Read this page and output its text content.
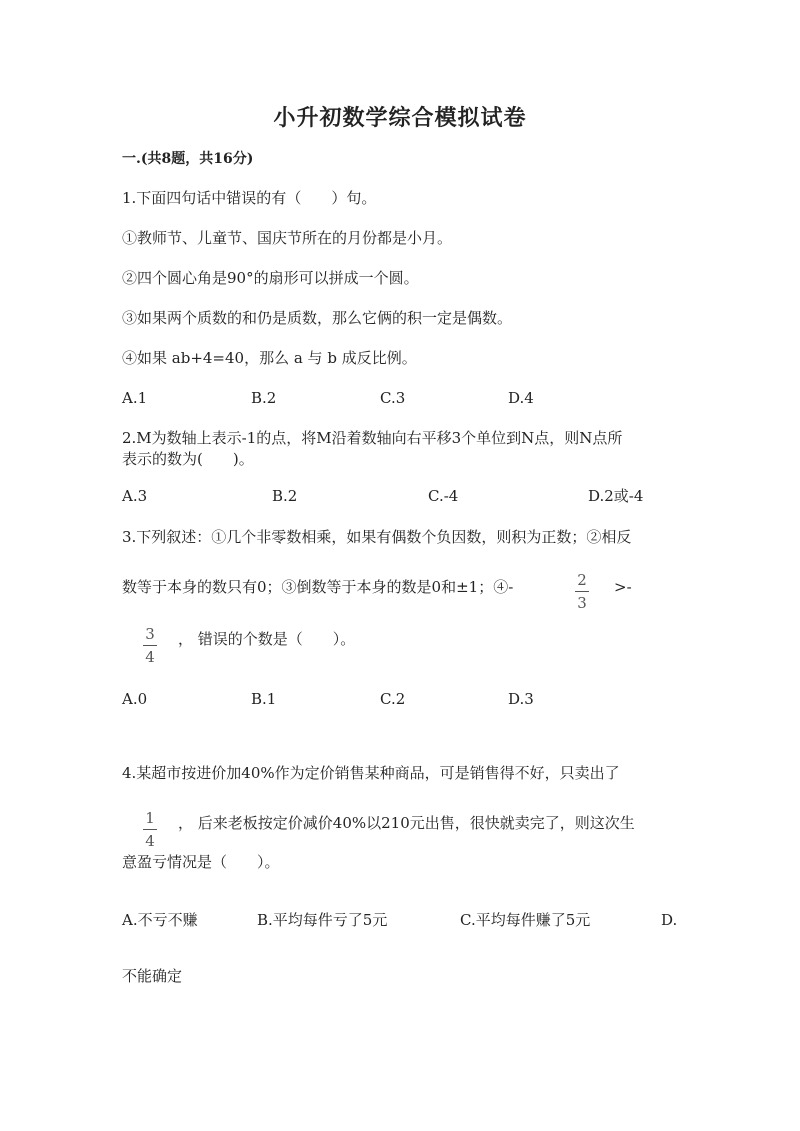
小升初数学综合模拟试卷
一.(共8题，共16分)
1.下面四句话中错误的有（　　）句。
①教师节、儿童节、国庆节所在的月份都是小月。
②四个圆心角是90°的扇形可以拼成一个圆。
③如果两个质数的和仍是质数，那么它俩的积一定是偶数。
④如果 ab+4=40，那么 a 与 b 成反比例。
A.1	B.2	C.3	D.4
2.M为数轴上表示-1的点，将M沿着数轴向右平移3个单位到N点，则N点所
表示的数为(　　)。
A.3	B.2	C.-4	D.2或-4
3.下列叙述：①几个非零数相乘，如果有偶数个负因数，则积为正数；②相反
数等于本身的数只有0；③倒数等于本身的数是0和±1；④-	2
3
>-
3
4
， 错误的个数是（　　）。
A.0	B.1	C.2	D.3
4.某超市按进价加40%作为定价销售某种商品，可是销售得不好，只卖出了
1
4
， 后来老板按定价减价40%以210元出售，很快就卖完了，则这次生
意盈亏情况是（　　）。
A.不亏不赚	B.平均每件亏了5元	C.平均每件赚了5元	D.
不能确定
